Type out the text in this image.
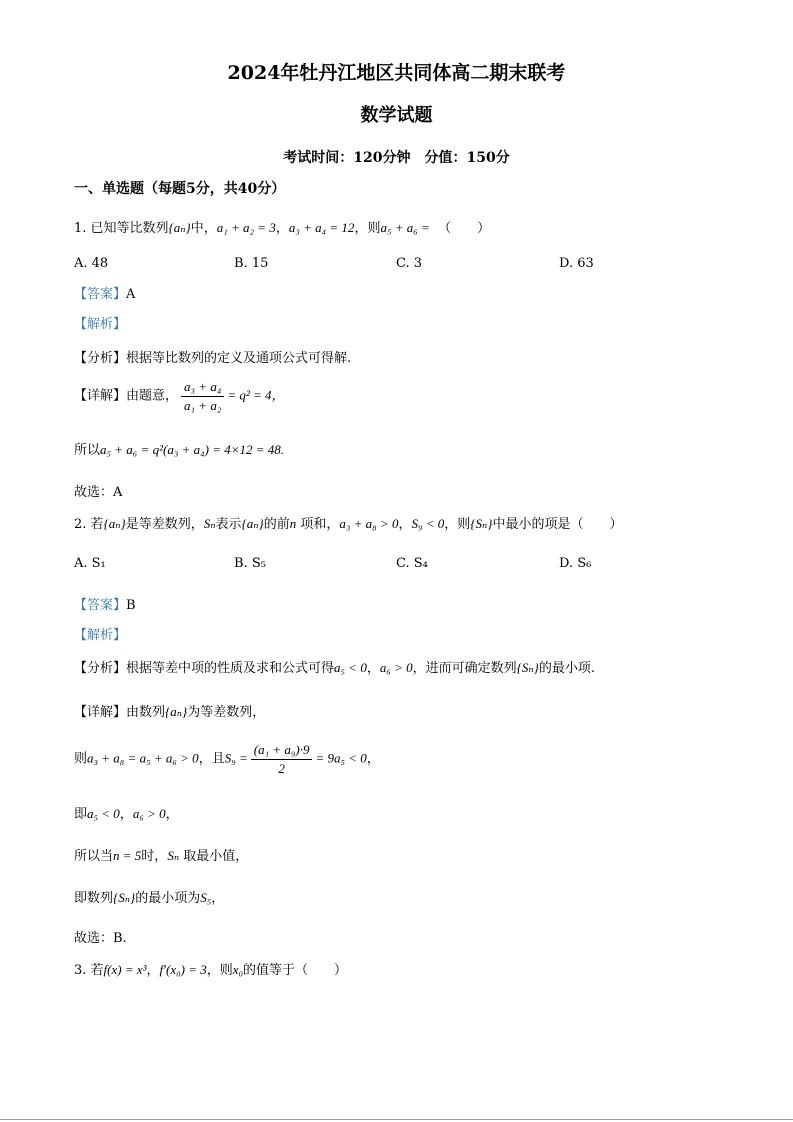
2024年牡丹江地区共同体高二期末联考
数学试题
考试时间：120分钟　分值：150分
一、单选题（每题5分，共40分）
1. 已知等比数列{aₙ}中，a₁ + a₂ = 3，a₃ + a₄ = 12，则a₅ + a₆ = （　　）
A. 48	B. 15	C. 3	D. 63
【答案】A
【解析】
【分析】根据等比数列的定义及通项公式可得解.
【详解】由题意， $\frac{\text{a₃ + a₄}}{\text{a₁ + a₂}} = q^2 = 4$，
所以a₅ + a₆ = q²(a₃ + a₄) = 4×12 = 48.
故选：A
2. 若{aₙ}是等差数列，Sₙ表示{aₙ}的前n 项和，a₃ + a₈ > 0，S₉ < 0，则{Sₙ}中最小的项是（　　）
A. S₁	B. S₅	C. S₄	D. S₆
【答案】B
【解析】
【分析】根据等差中项的性质及求和公式可得a₅ < 0，a₆ > 0，进而可确定数列{Sₙ}的最小项.
【详解】由数列{aₙ}为等差数列，
则a₃ + a₈ = a₅ + a₆ > 0，且$S_9 = \frac{\text{(a₁ + a₉)·9}}{2} = 9a_5 < 0$，
即a₅ < 0，a₆ > 0，
所以当n = 5时，Sₙ 取最小值，
即数列{Sₙ}的最小项为S₅，
故选：B.
3. 若f(x) = x³，f′(x₀) = 3，则x₀的值等于（　　）
